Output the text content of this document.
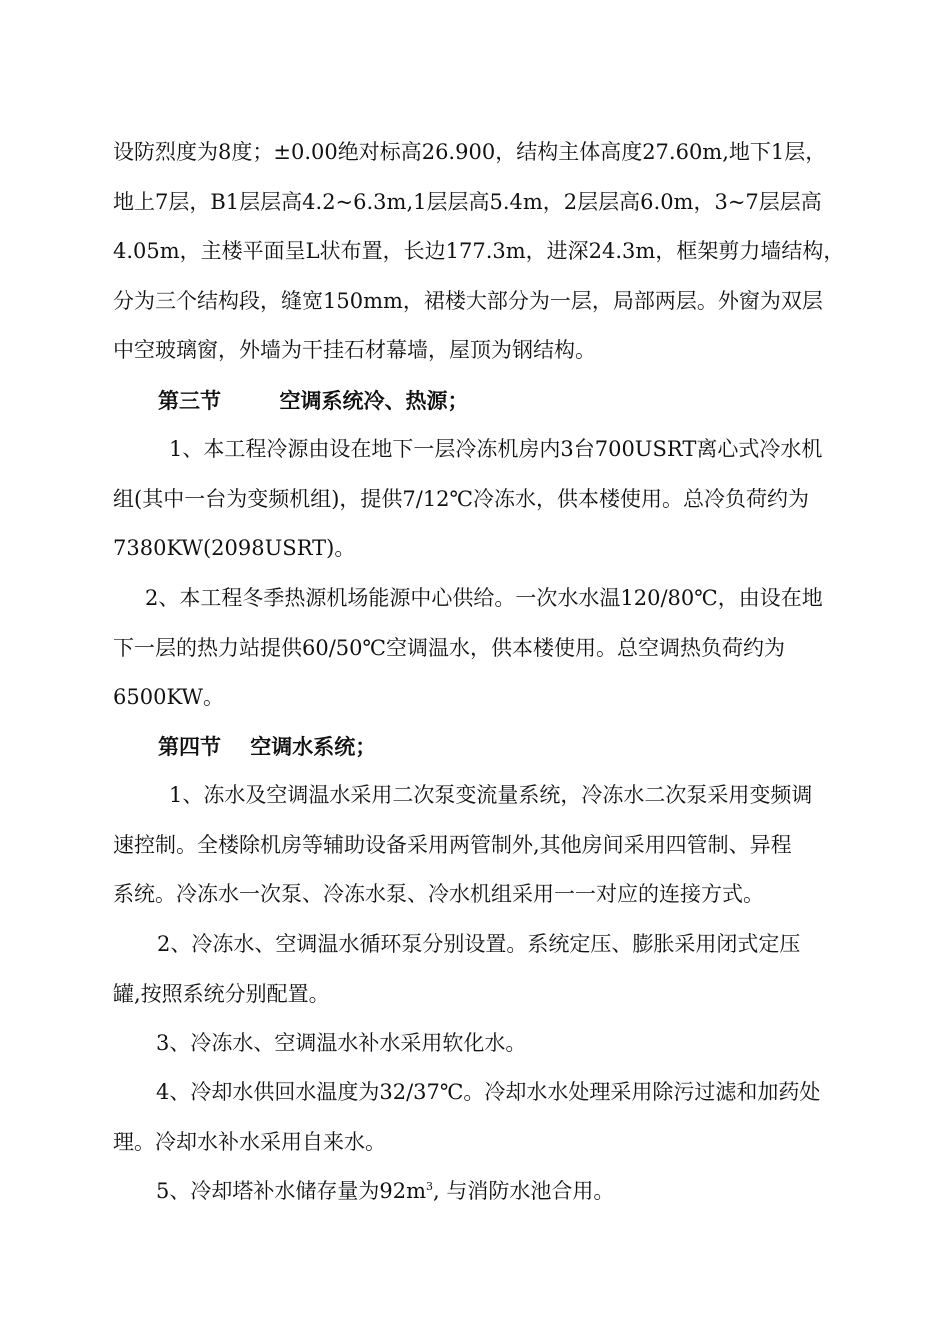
设防烈度为8度；±0.00绝对标高26.900，结构主体高度27.60m,地下1层，
地上7层，B1层层高4.2~6.3m,1层层高5.4m，2层层高6.0m，3~7层层高
4.05m，主楼平面呈L状布置，长边177.3m，进深24.3m，框架剪力墙结构，
分为三个结构段，缝宽150mm，裙楼大部分为一层，局部两层。外窗为双层
中空玻璃窗，外墙为干挂石材幕墙，屋顶为钢结构。
第三节	空调系统冷、热源；
1、本工程冷源由设在地下一层冷冻机房内3台700USRT离心式冷水机
组(其中一台为变频机组)，提供7/12℃冷冻水，供本楼使用。总冷负荷约为
7380KW(2098USRT)。
2、本工程冬季热源机场能源中心供给。一次水水温120/80℃，由设在地
下一层的热力站提供60/50℃空调温水，供本楼使用。总空调热负荷约为
6500KW。
第四节 空调水系统；
1、冻水及空调温水采用二次泵变流量系统，冷冻水二次泵采用变频调
速控制。全楼除机房等辅助设备采用两管制外,其他房间采用四管制、异程
系统。冷冻水一次泵、冷冻水泵、冷水机组采用一一对应的连接方式。
2、冷冻水、空调温水循环泵分别设置。系统定压、膨胀采用闭式定压
罐,按照系统分别配置。
3、冷冻水、空调温水补水采用软化水。
4、冷却水供回水温度为32/37℃。冷却水水处理采用除污过滤和加药处
理。冷却水补水采用自来水。
5、冷却塔补水储存量为$92m^3$, 与消防水池合用。
